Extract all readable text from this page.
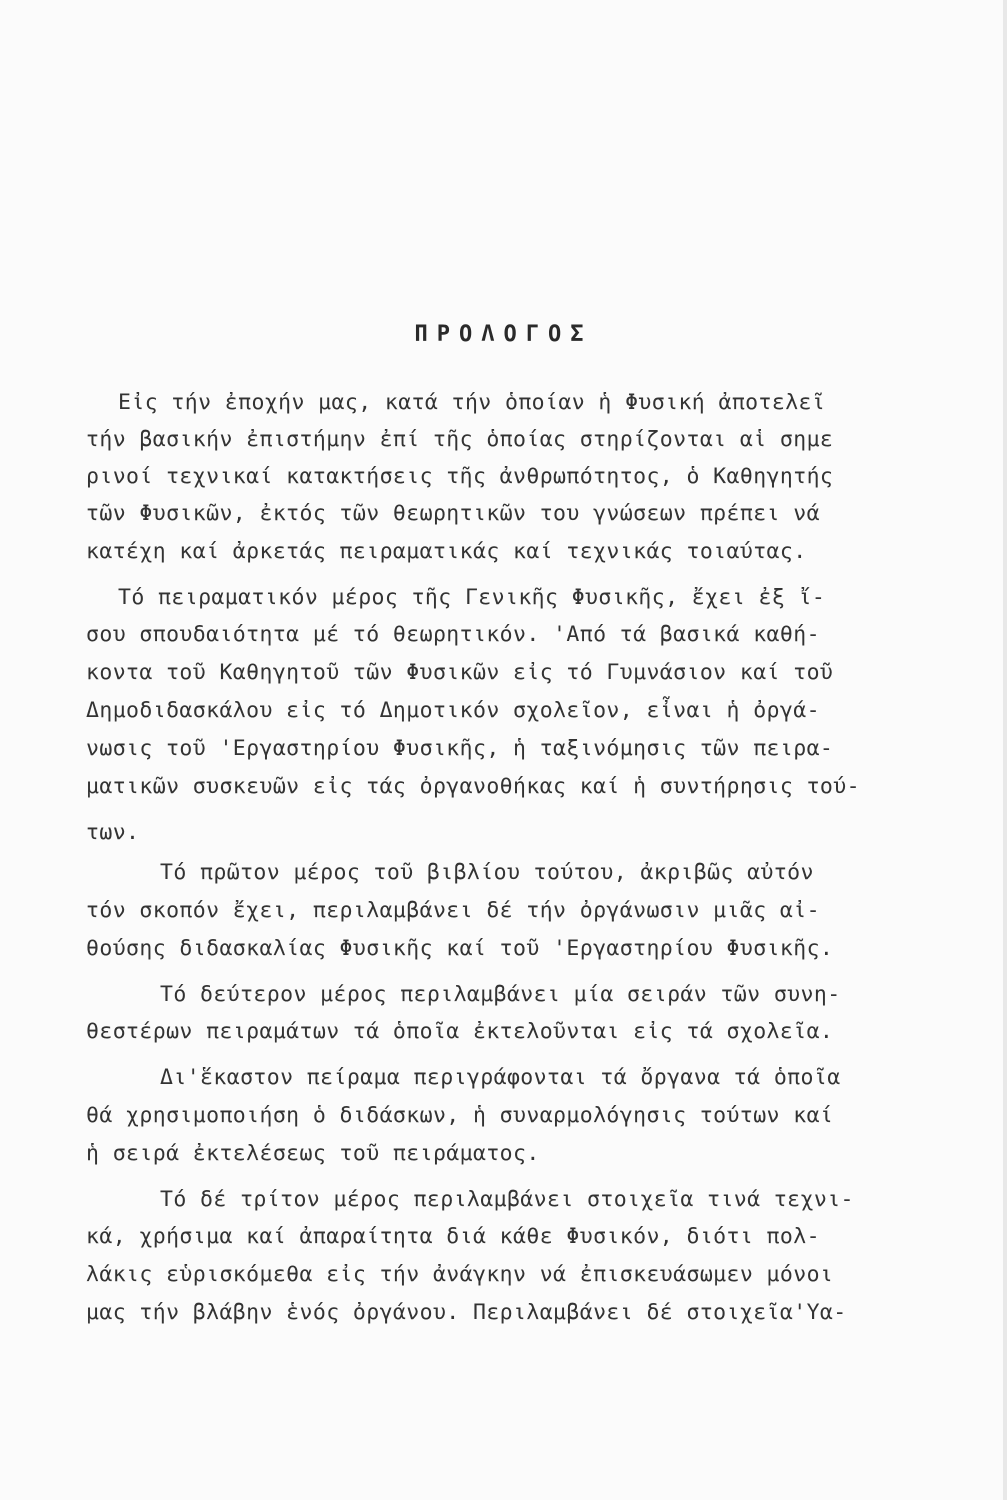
ΠΡΟΛΟΓΟΣ
Εἰς τήν ἐποχήν μας, κατά τήν ὁποίαν ἡ Φυσική ἀποτελεῖ
τήν βασικήν ἐπιστήμην ἐπί τῆς ὁποίας στηρίζονται αἱ σημε
ρινοί τεχνικαί κατακτήσεις τῆς ἀνθρωπότητος, ὁ Καθηγητής
τῶν Φυσικῶν, ἐκτός τῶν θεωρητικῶν του γνώσεων πρέπει νά
κατέχη καί ἀρκετάς πειραματικάς καί τεχνικάς τοιαύτας.
Τό πειραματικόν μέρος τῆς Γενικῆς Φυσικῆς, ἔχει ἐξ ἴ-
σου σπουδαιότητα μέ τό θεωρητικόν. 'Από τά βασικά καθή-
κοντα τοῦ Καθηγητοῦ τῶν Φυσικῶν εἰς τό Γυμνάσιον καί τοῦ
Δημοδιδασκάλου εἰς τό Δημοτικόν σχολεῖον, εἶναι ἡ ὀργά-
νωσις τοῦ 'Εργαστηρίου Φυσικῆς, ἡ ταξινόμησις τῶν πειρα-
ματικῶν συσκευῶν εἰς τάς ὀργανοθήκας καί ἡ συντήρησις τού-
των.
Τό πρῶτον μέρος τοῦ βιβλίου τούτου, ἀκριβῶς αὐτόν
τόν σκοπόν ἔχει, περιλαμβάνει δέ τήν ὀργάνωσιν μιᾶς αἰ-
θούσης διδασκαλίας Φυσικῆς καί τοῦ 'Εργαστηρίου Φυσικῆς.
Τό δεύτερον μέρος περιλαμβάνει μία σειράν τῶν συνη-
θεστέρων πειραμάτων τά ὁποῖα ἐκτελοῦνται εἰς τά σχολεῖα.
Δι'ἕκαστον πείραμα περιγράφονται τά ὄργανα τά ὁποῖα
θά χρησιμοποιήση ὁ διδάσκων, ἡ συναρμολόγησις τούτων καί
ἡ σειρά ἐκτελέσεως τοῦ πειράματος.
Τό δέ τρίτον μέρος περιλαμβάνει στοιχεῖα τινά τεχνι-
κά, χρήσιμα καί ἀπαραίτητα διά κάθε Φυσικόν, διότι πολ-
λάκις εὑρισκόμεθα εἰς τήν ἀνάγκην νά ἐπισκευάσωμεν μόνοι
μας τήν βλάβην ἑνός ὀργάνου. Περιλαμβάνει δέ στοιχεῖα'Υα-
